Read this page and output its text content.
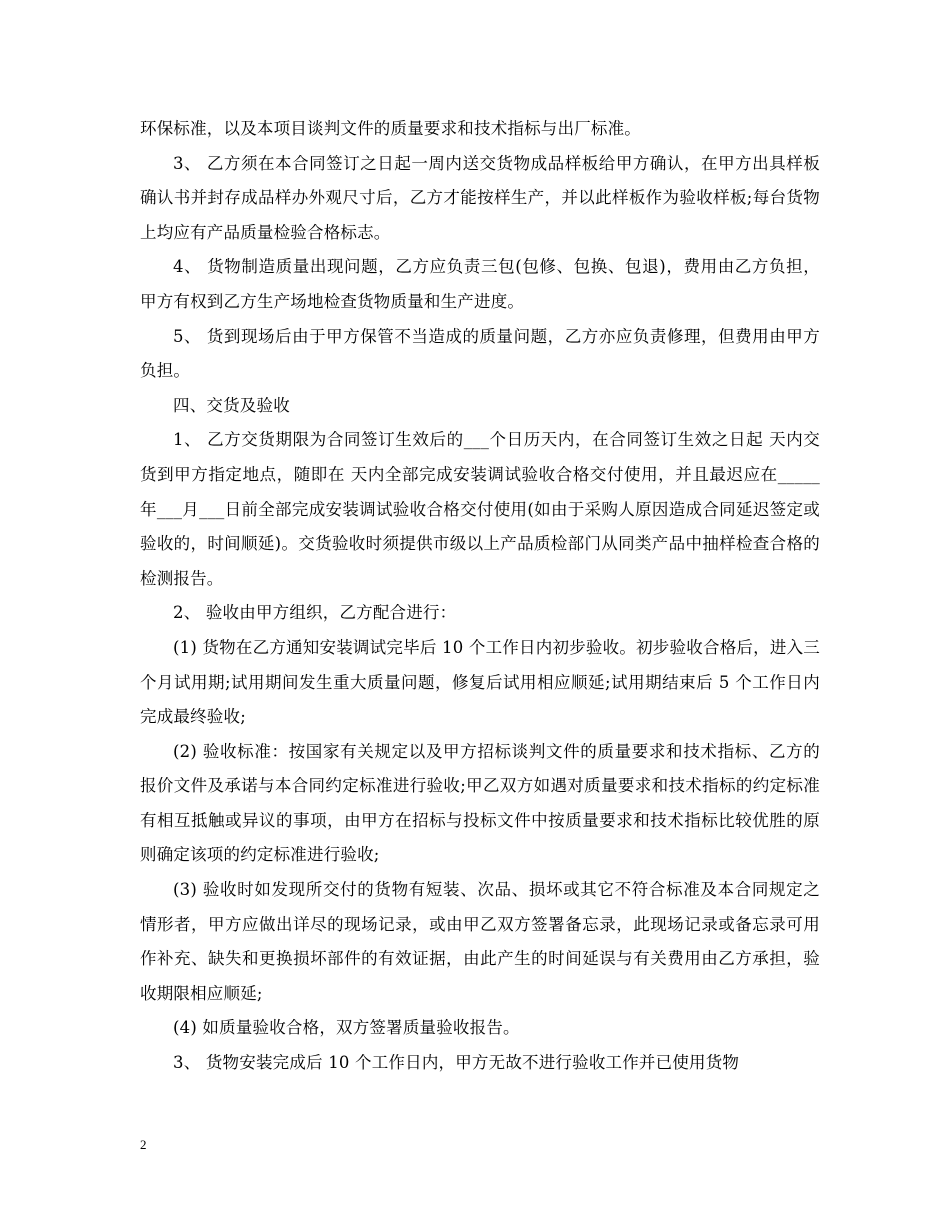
环保标准，以及本项目谈判文件的质量要求和技术指标与出厂标准。

3、 乙方须在本合同签订之日起一周内送交货物成品样板给甲方确认，在甲方出具样板确认书并封存成品样办外观尺寸后，乙方才能按样生产，并以此样板作为验收样板;每台货物上均应有产品质量检验合格标志。

4、 货物制造质量出现问题，乙方应负责三包(包修、包换、包退)，费用由乙方负担，甲方有权到乙方生产场地检查货物质量和生产进度。

5、 货到现场后由于甲方保管不当造成的质量问题，乙方亦应负责修理，但费用由甲方负担。

四、交货及验收

1、 乙方交货期限为合同签订生效后的___个日历天内，在合同签订生效之日起 天内交货到甲方指定地点，随即在 天内全部完成安装调试验收合格交付使用，并且最迟应在_____年___月___日前全部完成安装调试验收合格交付使用(如由于采购人原因造成合同延迟签定或验收的，时间顺延)。交货验收时须提供市级以上产品质检部门从同类产品中抽样检查合格的检测报告。

2、 验收由甲方组织，乙方配合进行：

(1) 货物在乙方通知安装调试完毕后 10 个工作日内初步验收。初步验收合格后，进入三个月试用期;试用期间发生重大质量问题，修复后试用相应顺延;试用期结束后 5 个工作日内完成最终验收;

(2) 验收标准：按国家有关规定以及甲方招标谈判文件的质量要求和技术指标、乙方的报价文件及承诺与本合同约定标准进行验收;甲乙双方如遇对质量要求和技术指标的约定标准有相互抵触或异议的事项，由甲方在招标与投标文件中按质量要求和技术指标比较优胜的原则确定该项的约定标准进行验收;

(3) 验收时如发现所交付的货物有短装、次品、损坏或其它不符合标准及本合同规定之情形者，甲方应做出详尽的现场记录，或由甲乙双方签署备忘录，此现场记录或备忘录可用作补充、缺失和更换损坏部件的有效证据，由此产生的时间延误与有关费用由乙方承担，验收期限相应顺延;

(4) 如质量验收合格，双方签署质量验收报告。

3、 货物安装完成后 10 个工作日内，甲方无故不进行验收工作并已使用货物

2
